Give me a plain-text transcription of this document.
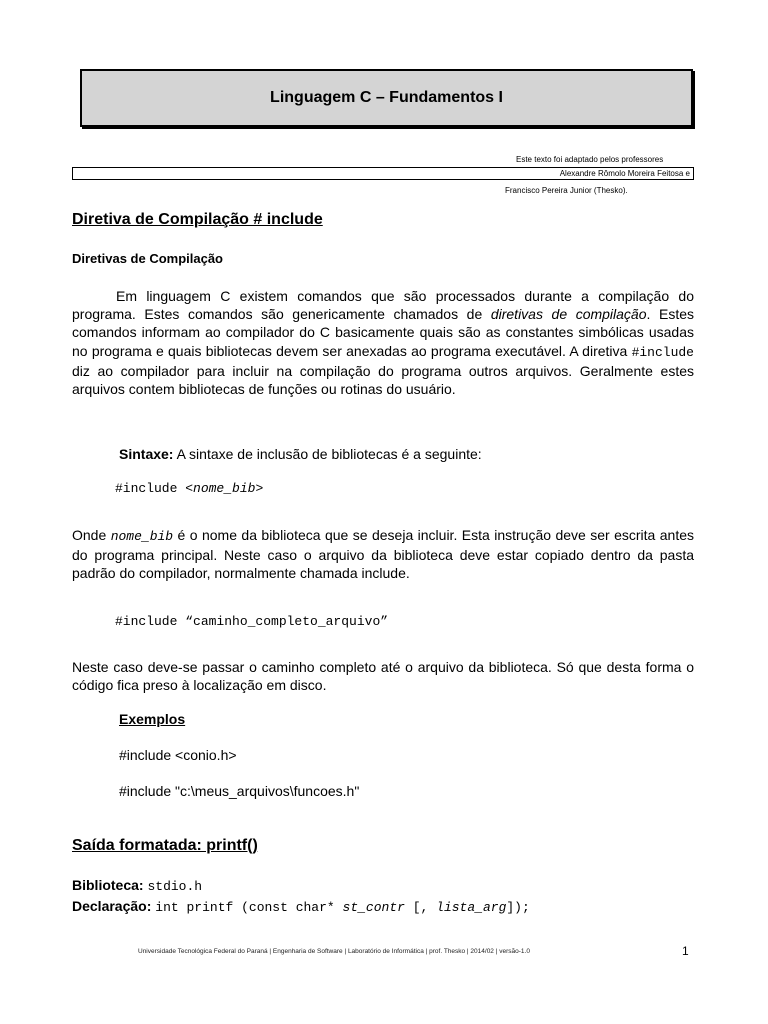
Linguagem C – Fundamentos I
Este texto foi adaptado pelos professores
Alexandre Rômolo Moreira Feitosa e
Francisco Pereira Junior (Thesko).
Diretiva de Compilação # include
Diretivas de Compilação
Em linguagem C existem comandos que são processados durante a compilação do programa. Estes comandos são genericamente chamados de diretivas de compilação. Estes comandos informam ao compilador do C basicamente quais são as constantes simbólicas usadas no programa e quais bibliotecas devem ser anexadas ao programa executável. A diretiva #include diz ao compilador para incluir na compilação do programa outros arquivos. Geralmente estes arquivos contem bibliotecas de funções ou rotinas do usuário.
Sintaxe: A sintaxe de inclusão de bibliotecas é a seguinte:
#include <nome_bib>
Onde nome_bib é o nome da biblioteca que se deseja incluir. Esta instrução deve ser escrita antes do programa principal. Neste caso o arquivo da biblioteca deve estar copiado dentro da pasta padrão do compilador, normalmente chamada include.
#include “caminho_completo_arquivo”
Neste caso deve-se passar o caminho completo até o arquivo da biblioteca. Só que desta forma o código fica preso à localização em disco.
Exemplos
#include <conio.h>
#include "c:\meus_arquivos\funcoes.h"
Saída formatada: printf()
Biblioteca: stdio.h
Declaração: int printf (const char* st_contr [, lista_arg]);
Universidade Tecnológica Federal do Paraná | Engenharia de Software | Laboratório de Informática | prof. Thesko | 2014/02 | versão-1.0	1
